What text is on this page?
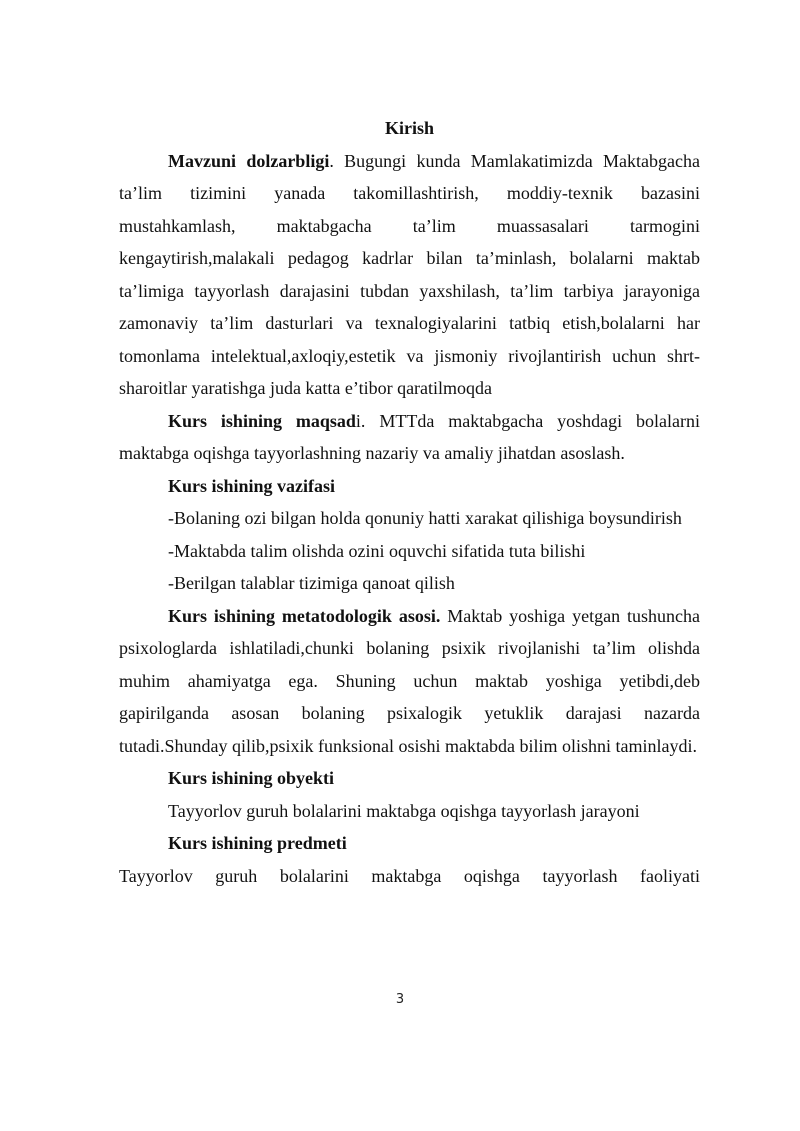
Kirish

Mavzuni dolzarbligi. Bugungi kunda Mamlakatimizda Maktabgacha ta’lim tizimini yanada takomillashtirish, moddiy-texnik bazasini mustahkamlash, maktabgacha ta’lim muassasalari tarmogini kengaytirish,malakali pedagog kadrlar bilan ta’minlash, bolalarni maktab ta’limiga tayyorlash darajasini tubdan yaxshilash, ta’lim tarbiya jarayoniga zamonaviy ta’lim dasturlari va texnalogiyalarini tatbiq etish,bolalarni har tomonlama intelektual,axloqiy,estetik va jismoniy rivojlantirish uchun shrt-sharoitlar yaratishga juda katta e’tibor qaratilmoqda

Kurs ishining maqsadi. MTTda maktabgacha yoshdagi bolalarni maktabga oqishga tayyorlashning nazariy va amaliy jihatdan asoslash.

Kurs ishining vazifasi

-Bolaning ozi bilgan holda qonuniy hatti xarakat qilishiga boysundirish

-Maktabda talim olishda ozini oquvchi sifatida tuta bilishi

-Berilgan talablar tizimiga qanoat qilish

Kurs ishining metatodologik asosi. Maktab yoshiga yetgan tushuncha psixologlarda ishlatiladi,chunki bolaning psixik rivojlanishi ta’lim olishda muhim ahamiyatga ega. Shuning uchun maktab yoshiga yetibdi,deb gapirilganda asosan bolaning psixalogik yetuklik darajasi nazarda tutadi.Shunday qilib,psixik funksional osishi maktabda bilim olishni taminlaydi.

Kurs ishining obyekti

Tayyorlov guruh bolalarini maktabga oqishga tayyorlash jarayoni

Kurs ishining predmeti

Tayyorlov guruh bolalarini maktabga oqishga tayyorlash faoliyati

3
